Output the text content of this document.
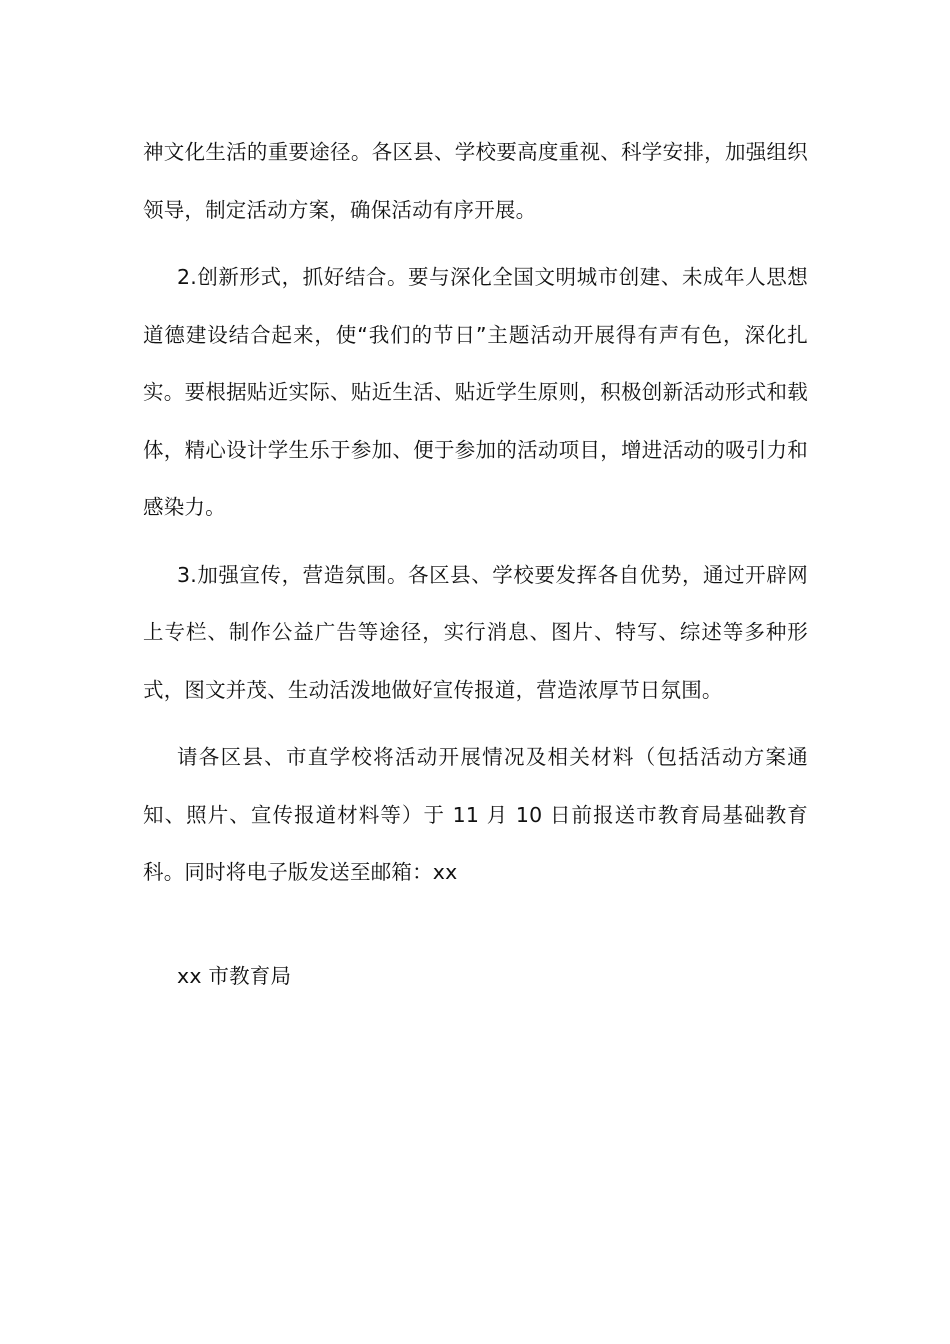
神文化生活的重要途径。各区县、学校要高度重视、科学安排，加强组织领导，制定活动方案，确保活动有序开展。

2.创新形式，抓好结合。要与深化全国文明城市创建、未成年人思想道德建设结合起来，使“我们的节日”主题活动开展得有声有色，深化扎实。要根据贴近实际、贴近生活、贴近学生原则，积极创新活动形式和载体，精心设计学生乐于参加、便于参加的活动项目，增进活动的吸引力和感染力。

3.加强宣传，营造氛围。各区县、学校要发挥各自优势，通过开辟网上专栏、制作公益广告等途径，实行消息、图片、特写、综述等多种形式，图文并茂、生动活泼地做好宣传报道，营造浓厚节日氛围。

请各区县、市直学校将活动开展情况及相关材料（包括活动方案通知、照片、宣传报道材料等）于 11 月 10 日前报送市教育局基础教育科。同时将电子版发送至邮箱：xx

xx 市教育局
